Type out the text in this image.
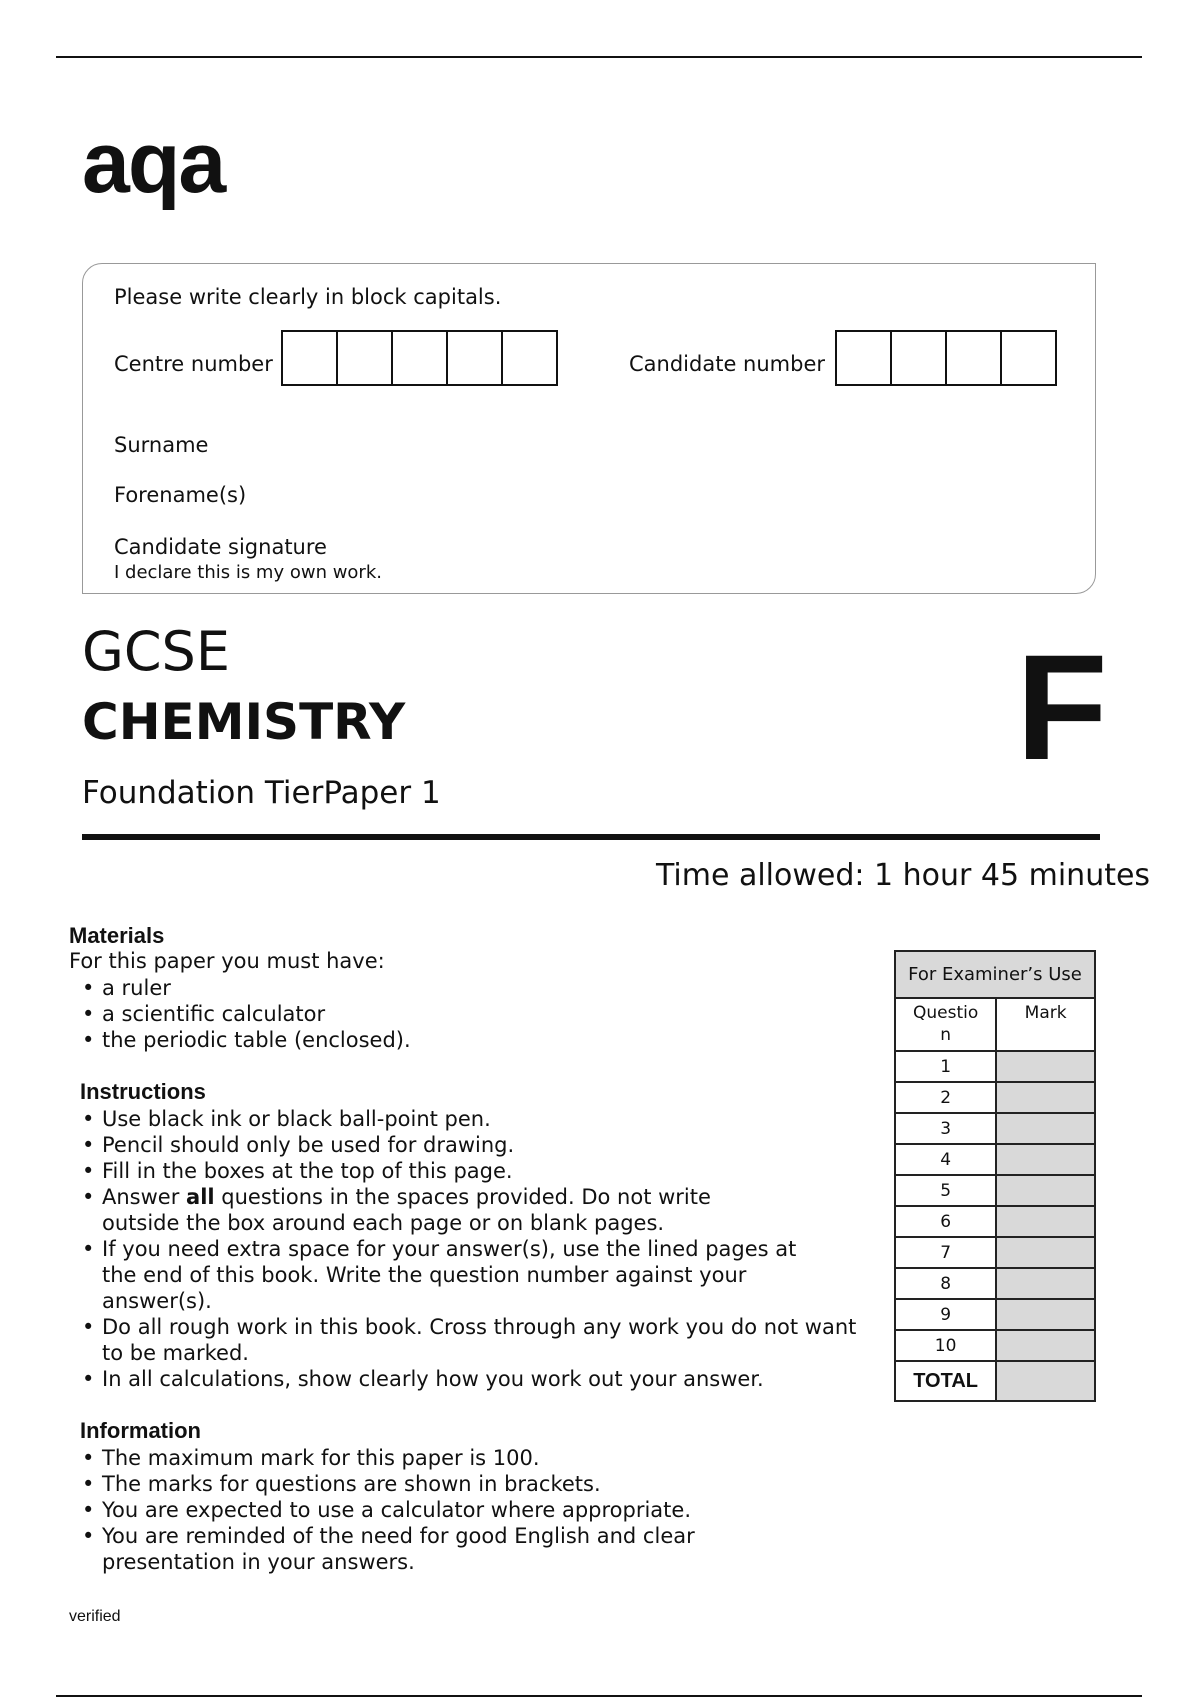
aqa
Please write clearly in block capitals.
Centre number	Candidate number
Surname
Forename(s)
Candidate signature
I declare this is my own work.
GCSE
CHEMISTRY
Foundation TierPaper 1
F
Time allowed: 1 hour 45 minutes
Materials
For this paper you must have:
• a ruler
• a scientific calculator
• the periodic table (enclosed).
Instructions
• Use black ink or black ball-point pen.
• Pencil should only be used for drawing.
• Fill in the boxes at the top of this page.
• Answer all questions in the spaces provided. Do not write
outside the box around each page or on blank pages.
• If you need extra space for your answer(s), use the lined pages at
the end of this book. Write the question number against your
answer(s).
• Do all rough work in this book. Cross through any work you do not want
to be marked.
• In all calculations, show clearly how you work out your answer.
Information
• The maximum mark for this paper is 100.
• The marks for questions are shown in brackets.
• You are expected to use a calculator where appropriate.
• You are reminded of the need for good English and clear
presentation in your answers.
For Examiner’s Use	
Questio
n	Mark
1	
2	
3	
4	
5	
6	
7	
8	
9	
10	
TOTAL	
verified
